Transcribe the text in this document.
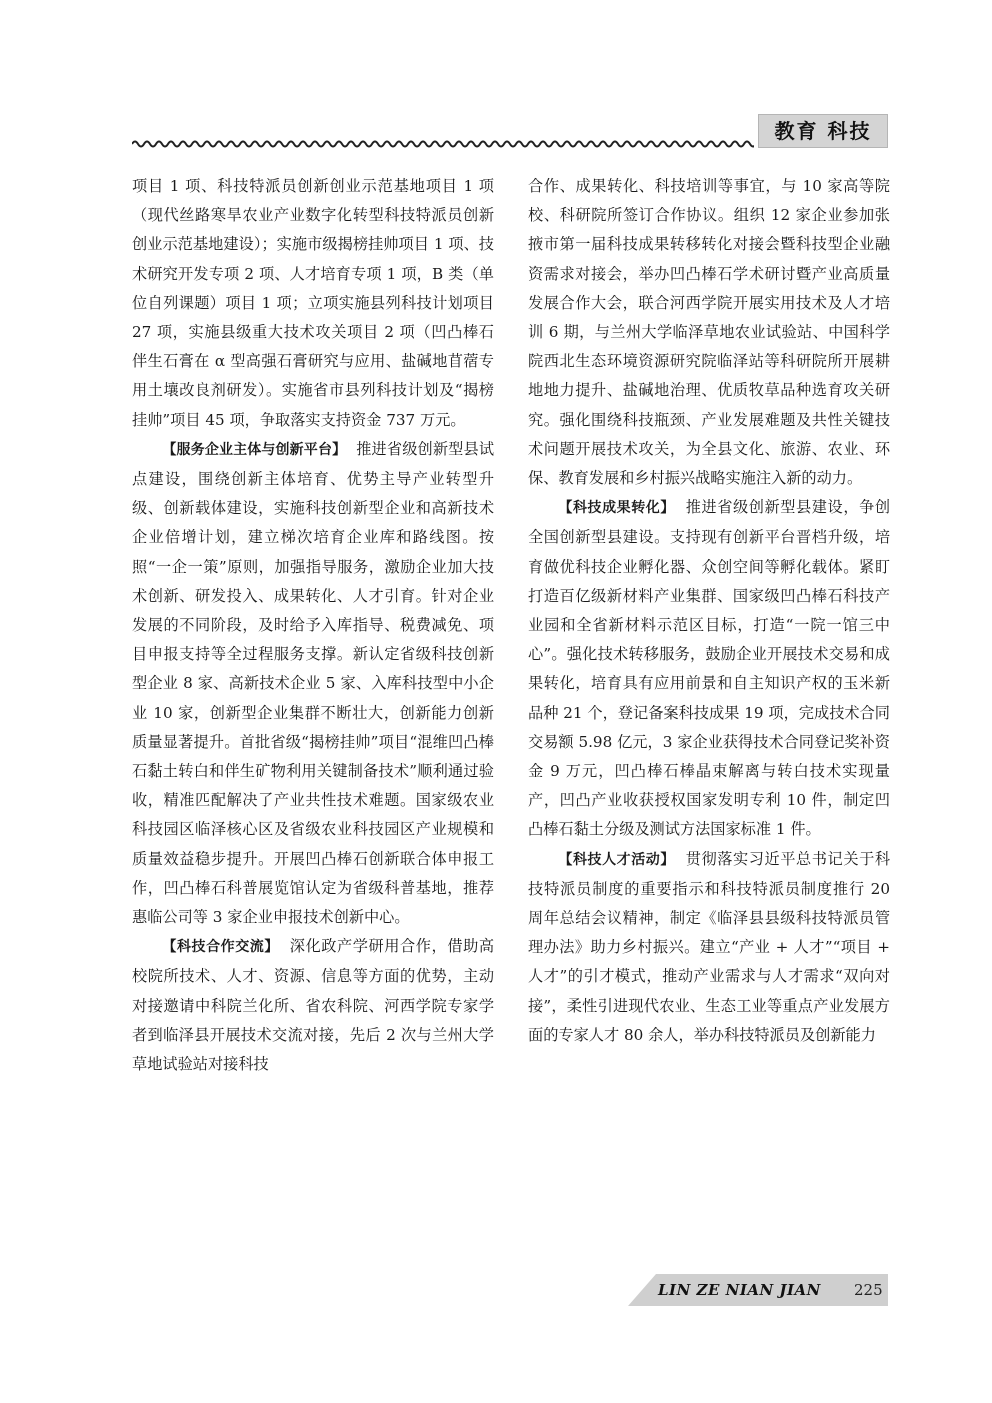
教育 科技

项目 1 项、科技特派员创新创业示范基地项目 1 项（现代丝路寒旱农业产业数字化转型科技特派员创新创业示范基地建设）；实施市级揭榜挂帅项目 1 项、技术研究开发专项 2 项、人才培育专项 1 项，B 类（单位自列课题）项目 1 项；立项实施县列科技计划项目 27 项，实施县级重大技术攻关项目 2 项（凹凸棒石伴生石膏在 α 型高强石膏研究与应用、盐碱地苜蓿专用土壤改良剂研发）。实施省市县列科技计划及“揭榜挂帅”项目 45 项，争取落实支持资金 737 万元。

【服务企业主体与创新平台】 推进省级创新型县试点建设，围绕创新主体培育、优势主导产业转型升级、创新载体建设，实施科技创新型企业和高新技术企业倍增计划，建立梯次培育企业库和路线图。按照“一企一策”原则，加强指导服务，激励企业加大技术创新、研发投入、成果转化、人才引育。针对企业发展的不同阶段，及时给予入库指导、税费减免、项目申报支持等全过程服务支撑。新认定省级科技创新型企业 8 家、高新技术企业 5 家、入库科技型中小企业 10 家，创新型企业集群不断壮大，创新能力创新质量显著提升。首批省级“揭榜挂帅”项目“混维凹凸棒石黏土转白和伴生矿物利用关键制备技术”顺利通过验收，精准匹配解决了产业共性技术难题。国家级农业科技园区临泽核心区及省级农业科技园区产业规模和质量效益稳步提升。开展凹凸棒石创新联合体申报工作，凹凸棒石科普展览馆认定为省级科普基地，推荐惠临公司等 3 家企业申报技术创新中心。

【科技合作交流】 深化政产学研用合作，借助高校院所技术、人才、资源、信息等方面的优势，主动对接邀请中科院兰化所、省农科院、河西学院专家学者到临泽县开展技术交流对接，先后 2 次与兰州大学草地试验站对接科技

合作、成果转化、科技培训等事宜，与 10 家高等院校、科研院所签订合作协议。组织 12 家企业参加张掖市第一届科技成果转移转化对接会暨科技型企业融资需求对接会，举办凹凸棒石学术研讨暨产业高质量发展合作大会，联合河西学院开展实用技术及人才培训 6 期，与兰州大学临泽草地农业试验站、中国科学院西北生态环境资源研究院临泽站等科研院所开展耕地地力提升、盐碱地治理、优质牧草品种选育攻关研究。强化围绕科技瓶颈、产业发展难题及共性关键技术问题开展技术攻关，为全县文化、旅游、农业、环保、教育发展和乡村振兴战略实施注入新的动力。

【科技成果转化】 推进省级创新型县建设，争创全国创新型县建设。支持现有创新平台晋档升级，培育做优科技企业孵化器、众创空间等孵化载体。紧盯打造百亿级新材料产业集群、国家级凹凸棒石科技产业园和全省新材料示范区目标，打造“一院一馆三中心”。强化技术转移服务，鼓励企业开展技术交易和成果转化，培育具有应用前景和自主知识产权的玉米新品种 21 个，登记备案科技成果 19 项，完成技术合同交易额 5.98 亿元，3 家企业获得技术合同登记奖补资金 9 万元，凹凸棒石棒晶束解离与转白技术实现量产，凹凸产业收获授权国家发明专利 10 件，制定凹凸棒石黏土分级及测试方法国家标准 1 件。

【科技人才活动】 贯彻落实习近平总书记关于科技特派员制度的重要指示和科技特派员制度推行 20 周年总结会议精神，制定《临泽县县级科技特派员管理办法》助力乡村振兴。建立“产业 + 人才”“项目 + 人才”的引才模式，推动产业需求与人才需求“双向对接”，柔性引进现代农业、生态工业等重点产业发展方面的专家人才 80 余人，举办科技特派员及创新能力

LIN ZE NIAN JIAN 225
